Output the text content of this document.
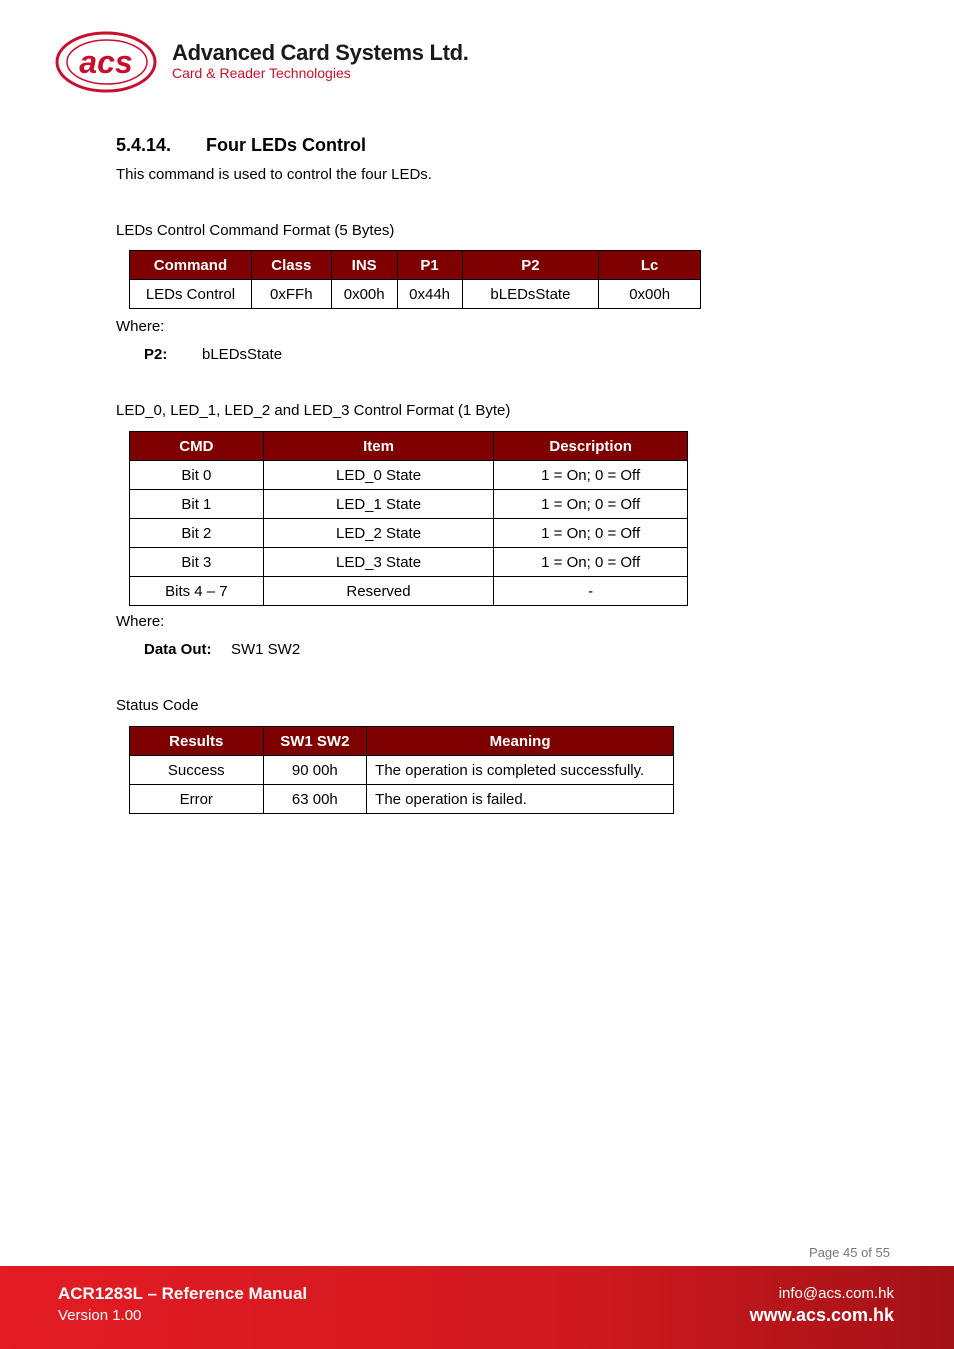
acs Advanced Card Systems Ltd.
Card & Reader Technologies
5.4.14. Four LEDs Control
This command is used to control the four LEDs.
LEDs Control Command Format (5 Bytes)
Command	Class	INS	P1	P2	Lc
LEDs Control	0xFFh	0x00h	0x44h	bLEDsState	0x00h
Where:
P2: bLEDsState
LED_0, LED_1, LED_2 and LED_3 Control Format (1 Byte)
CMD	Item	Description
Bit 0	LED_0 State	1 = On; 0 = Off
Bit 1	LED_1 State	1 = On; 0 = Off
Bit 2	LED_2 State	1 = On; 0 = Off
Bit 3	LED_3 State	1 = On; 0 = Off
Bits 4 – 7	Reserved	-
Where:
Data Out: SW1 SW2
Status Code
Results	SW1 SW2	Meaning
Success	90 00h	The operation is completed successfully.
Error	63 00h	The operation is failed.
Page 45 of 55
ACR1283L – Reference Manual
Version 1.00
info@acs.com.hk
www.acs.com.hk
